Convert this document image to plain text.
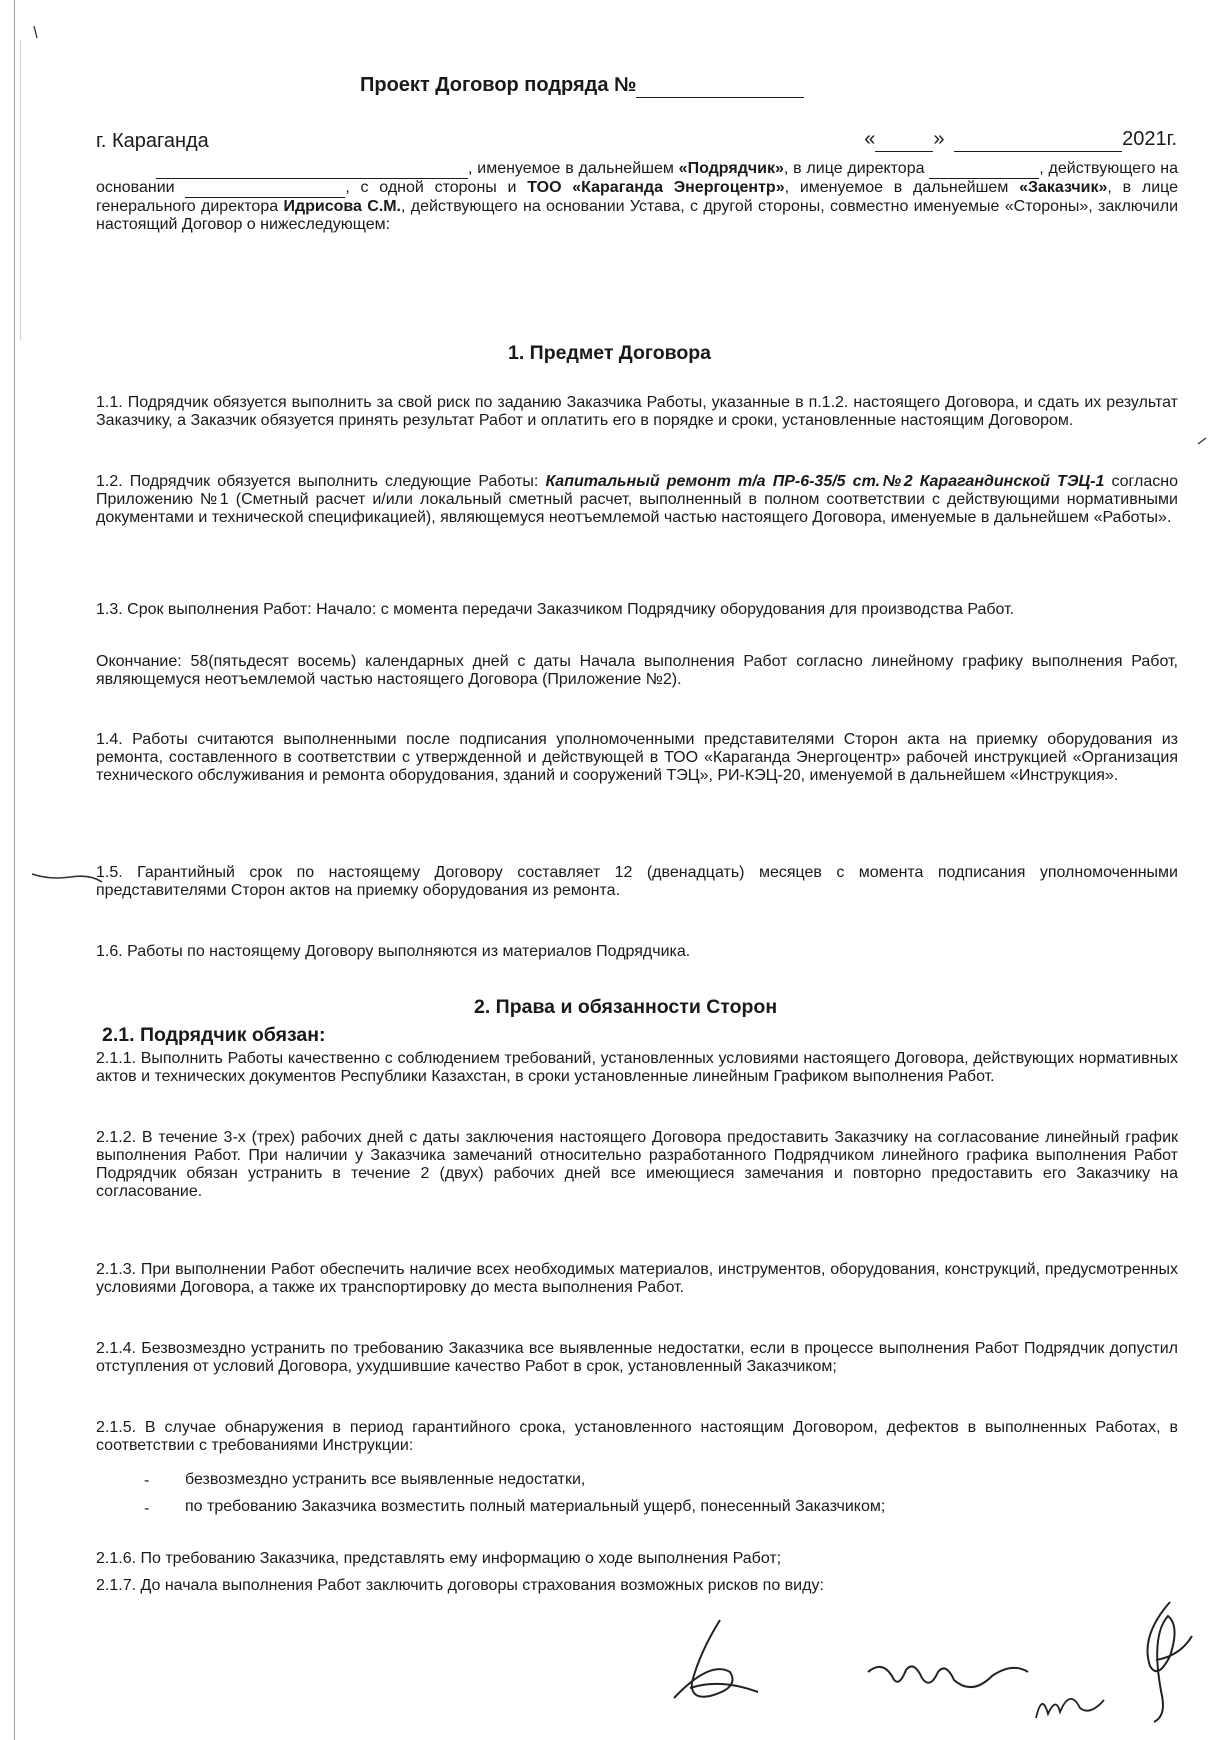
Проект Договор подряда №
г. Караганда	«	»	2021г.
, именуемое в дальнейшем «Подрядчик», в лице директора	, действующего на основании	, с одной стороны и ТОО «Караганда Энергоцентр», именуемое в дальнейшем «Заказчик», в лице генерального директора Идрисова С.М., действующего на основании Устава, с другой стороны, совместно именуемые «Стороны», заключили настоящий Договор о нижеследующем:
1. Предмет Договора
1.1. Подрядчик обязуется выполнить за свой риск по заданию Заказчика Работы, указанные в п.1.2. настоящего Договора, и сдать их результат Заказчику, а Заказчик обязуется принять результат Работ и оплатить его в порядке и сроки, установленные настоящим Договором.
1.2. Подрядчик обязуется выполнить следующие Работы: Капитальный ремонт т/а ПР-6-35/5 ст.№2 Карагандинской ТЭЦ-1 согласно Приложению №1 (Сметный расчет и/или локальный сметный расчет, выполненный в полном соответствии с действующими нормативными документами и технической спецификацией), являющемуся неотъемлемой частью настоящего Договора, именуемые в дальнейшем «Работы».
1.3. Срок выполнения Работ: Начало: с момента передачи Заказчиком Подрядчику оборудования для производства Работ.
Окончание: 58(пятьдесят восемь) календарных дней с даты Начала выполнения Работ согласно линейному графику выполнения Работ, являющемуся неотъемлемой частью настоящего Договора (Приложение №2).
1.4. Работы считаются выполненными после подписания уполномоченными представителями Сторон акта на приемку оборудования из ремонта, составленного в соответствии с утвержденной и действующей в ТОО «Караганда Энергоцентр» рабочей инструкцией «Организация технического обслуживания и ремонта оборудования, зданий и сооружений ТЭЦ», РИ-КЭЦ-20, именуемой в дальнейшем «Инструкция».
1.5. Гарантийный срок по настоящему Договору составляет 12 (двенадцать) месяцев с момента подписания уполномоченными представителями Сторон актов на приемку оборудования из ремонта.
1.6. Работы по настоящему Договору выполняются из материалов Подрядчика.
2. Права и обязанности Сторон
2.1. Подрядчик обязан:
2.1.1. Выполнить Работы качественно с соблюдением требований, установленных условиями настоящего Договора, действующих нормативных актов и технических документов Республики Казахстан, в сроки установленные линейным Графиком выполнения Работ.
2.1.2. В течение 3-х (трех) рабочих дней с даты заключения настоящего Договора предоставить Заказчику на согласование линейный график выполнения Работ. При наличии у Заказчика замечаний относительно разработанного Подрядчиком линейного графика выполнения Работ Подрядчик обязан устранить в течение 2 (двух) рабочих дней все имеющиеся замечания и повторно предоставить его Заказчику на согласование.
2.1.3. При выполнении Работ обеспечить наличие всех необходимых материалов, инструментов, оборудования, конструкций, предусмотренных условиями Договора, а также их транспортировку до места выполнения Работ.
2.1.4. Безвозмездно устранить по требованию Заказчика все выявленные недостатки, если в процессе выполнения Работ Подрядчик допустил отступления от условий Договора, ухудшившие качество Работ в срок, установленный Заказчиком;
2.1.5. В случае обнаружения в период гарантийного срока, установленного настоящим Договором, дефектов в выполненных Работах, в соответствии с требованиями Инструкции:
- безвозмездно устранить все выявленные недостатки,
- по требованию Заказчика возместить полный материальный ущерб, понесенный Заказчиком;
2.1.6. По требованию Заказчика, представлять ему информацию о ходе выполнения Работ;
2.1.7. До начала выполнения Работ заключить договоры страхования возможных рисков по виду:
